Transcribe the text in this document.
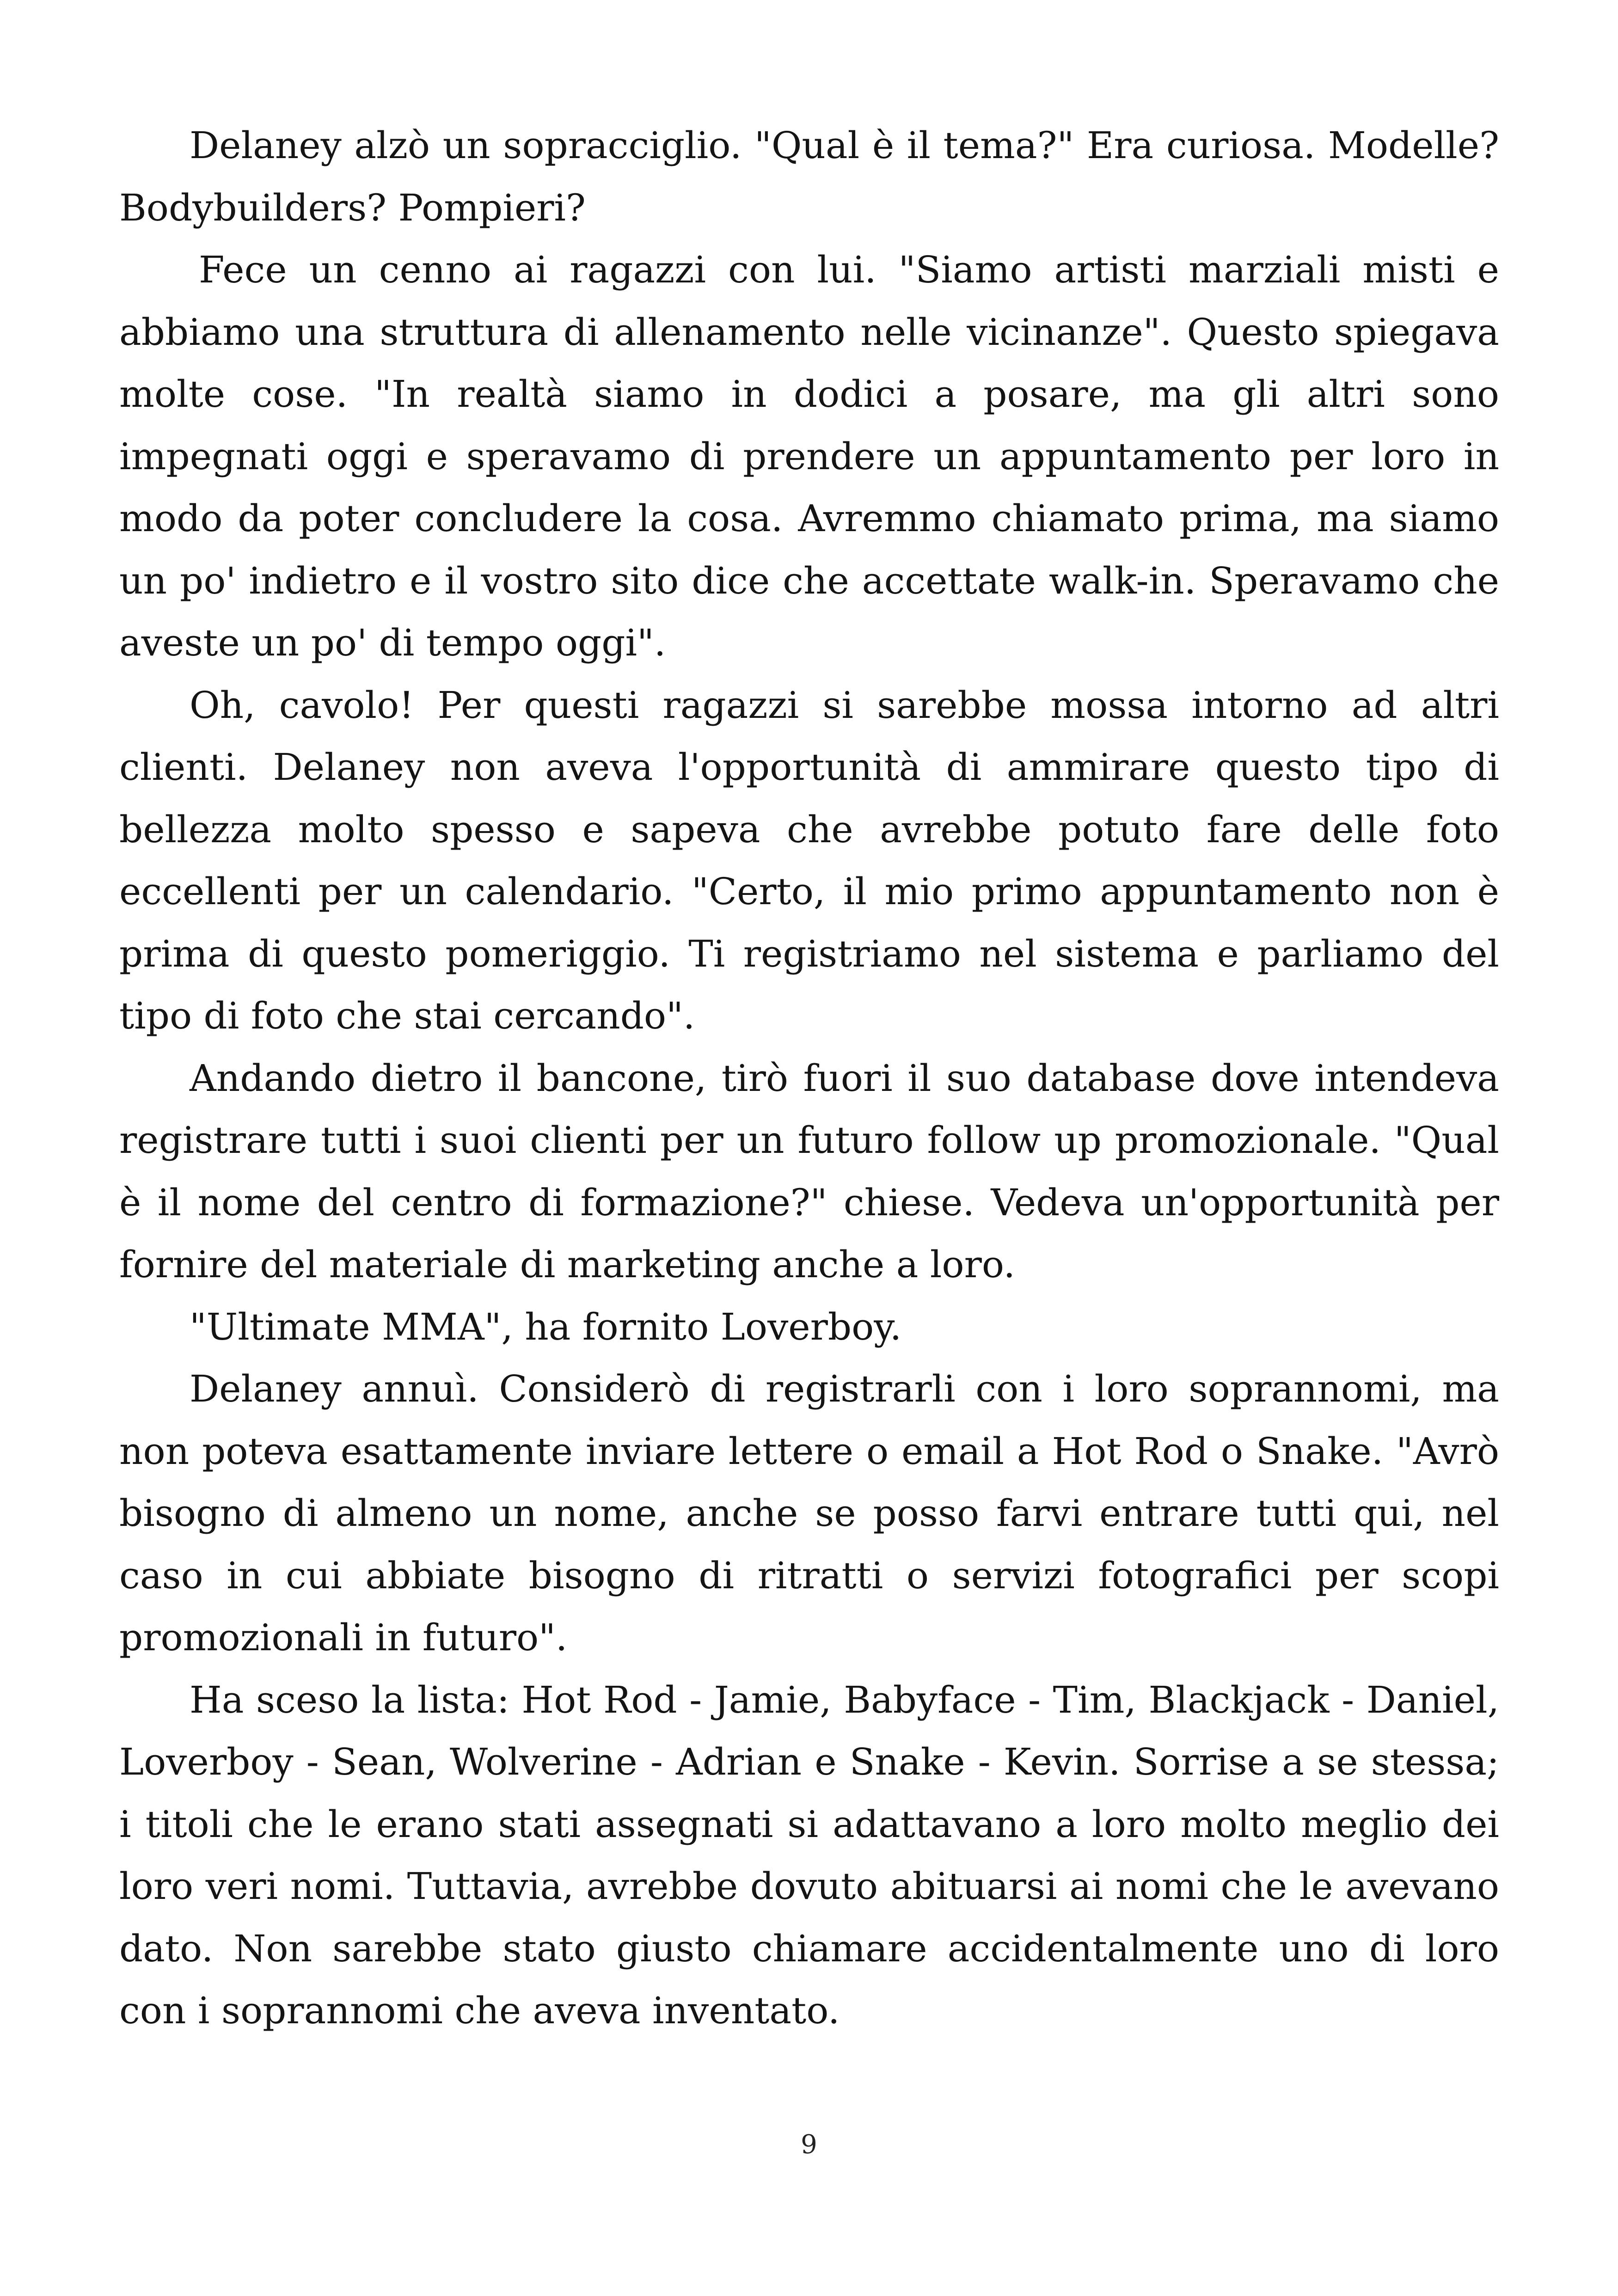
Delaney alzò un sopracciglio. "Qual è il tema?" Era curiosa. Modelle? Bodybuilders? Pompieri?

Fece un cenno ai ragazzi con lui. "Siamo artisti marziali misti e abbiamo una struttura di allenamento nelle vicinanze". Questo spiegava molte cose. "In realtà siamo in dodici a posare, ma gli altri sono impegnati oggi e speravamo di prendere un appuntamento per loro in modo da poter concludere la cosa. Avremmo chiamato prima, ma siamo un po' indietro e il vostro sito dice che accettate walk-in. Speravamo che aveste un po' di tempo oggi".

Oh, cavolo! Per questi ragazzi si sarebbe mossa intorno ad altri clienti. Delaney non aveva l'opportunità di ammirare questo tipo di bellezza molto spesso e sapeva che avrebbe potuto fare delle foto eccellenti per un calendario. "Certo, il mio primo appuntamento non è prima di questo pomeriggio. Ti registriamo nel sistema e parliamo del tipo di foto che stai cercando".

Andando dietro il bancone, tirò fuori il suo database dove intendeva registrare tutti i suoi clienti per un futuro follow up promozionale. "Qual è il nome del centro di formazione?" chiese. Vedeva un'opportunità per fornire del materiale di marketing anche a loro.

"Ultimate MMA", ha fornito Loverboy.

Delaney annuì. Considerò di registrarli con i loro soprannomi, ma non poteva esattamente inviare lettere o email a Hot Rod o Snake. "Avrò bisogno di almeno un nome, anche se posso farvi entrare tutti qui, nel caso in cui abbiate bisogno di ritratti o servizi fotografici per scopi promozionali in futuro".

Ha sceso la lista: Hot Rod - Jamie, Babyface - Tim, Blackjack - Daniel, Loverboy - Sean, Wolverine - Adrian e Snake - Kevin. Sorrise a se stessa; i titoli che le erano stati assegnati si adattavano a loro molto meglio dei loro veri nomi. Tuttavia, avrebbe dovuto abituarsi ai nomi che le avevano dato. Non sarebbe stato giusto chiamare accidentalmente uno di loro con i soprannomi che aveva inventato.

9
